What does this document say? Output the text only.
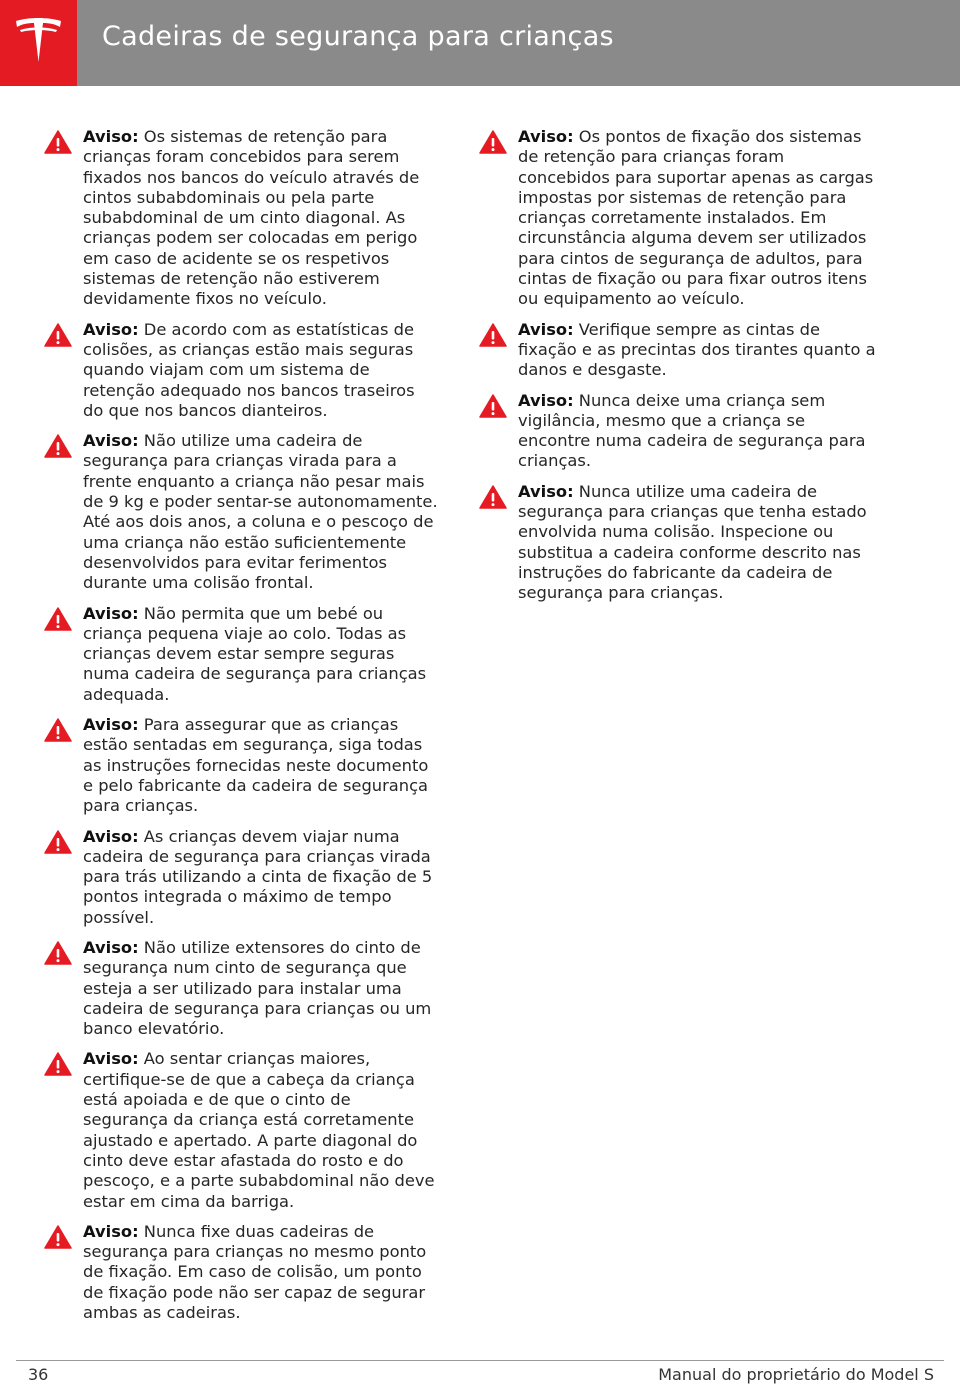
Cadeiras de segurança para crianças
Aviso: Os sistemas de retenção para crianças foram concebidos para serem fixados nos bancos do veículo através de cintos subabdominais ou pela parte subabdominal de um cinto diagonal. As crianças podem ser colocadas em perigo em caso de acidente se os respetivos sistemas de retenção não estiverem devidamente fixos no veículo.
Aviso: De acordo com as estatísticas de colisões, as crianças estão mais seguras quando viajam com um sistema de retenção adequado nos bancos traseiros do que nos bancos dianteiros.
Aviso: Não utilize uma cadeira de segurança para crianças virada para a frente enquanto a criança não pesar mais de 9 kg e poder sentar-se autonomamente. Até aos dois anos, a coluna e o pescoço de uma criança não estão suficientemente desenvolvidos para evitar ferimentos durante uma colisão frontal.
Aviso: Não permita que um bebé ou criança pequena viaje ao colo. Todas as crianças devem estar sempre seguras numa cadeira de segurança para crianças adequada.
Aviso: Para assegurar que as crianças estão sentadas em segurança, siga todas as instruções fornecidas neste documento e pelo fabricante da cadeira de segurança para crianças.
Aviso: As crianças devem viajar numa cadeira de segurança para crianças virada para trás utilizando a cinta de fixação de 5 pontos integrada o máximo de tempo possível.
Aviso: Não utilize extensores do cinto de segurança num cinto de segurança que esteja a ser utilizado para instalar uma cadeira de segurança para crianças ou um banco elevatório.
Aviso: Ao sentar crianças maiores, certifique-se de que a cabeça da criança está apoiada e de que o cinto de segurança da criança está corretamente ajustado e apertado. A parte diagonal do cinto deve estar afastada do rosto e do pescoço, e a parte subabdominal não deve estar em cima da barriga.
Aviso: Nunca fixe duas cadeiras de segurança para crianças no mesmo ponto de fixação. Em caso de colisão, um ponto de fixação pode não ser capaz de segurar ambas as cadeiras.
Aviso: Os pontos de fixação dos sistemas de retenção para crianças foram concebidos para suportar apenas as cargas impostas por sistemas de retenção para crianças corretamente instalados. Em circunstância alguma devem ser utilizados para cintos de segurança de adultos, para cintas de fixação ou para fixar outros itens ou equipamento ao veículo.
Aviso: Verifique sempre as cintas de fixação e as precintas dos tirantes quanto a danos e desgaste.
Aviso: Nunca deixe uma criança sem vigilância, mesmo que a criança se encontre numa cadeira de segurança para crianças.
Aviso: Nunca utilize uma cadeira de segurança para crianças que tenha estado envolvida numa colisão. Inspecione ou substitua a cadeira conforme descrito nas instruções do fabricante da cadeira de segurança para crianças.
36	Manual do proprietário do Model S
